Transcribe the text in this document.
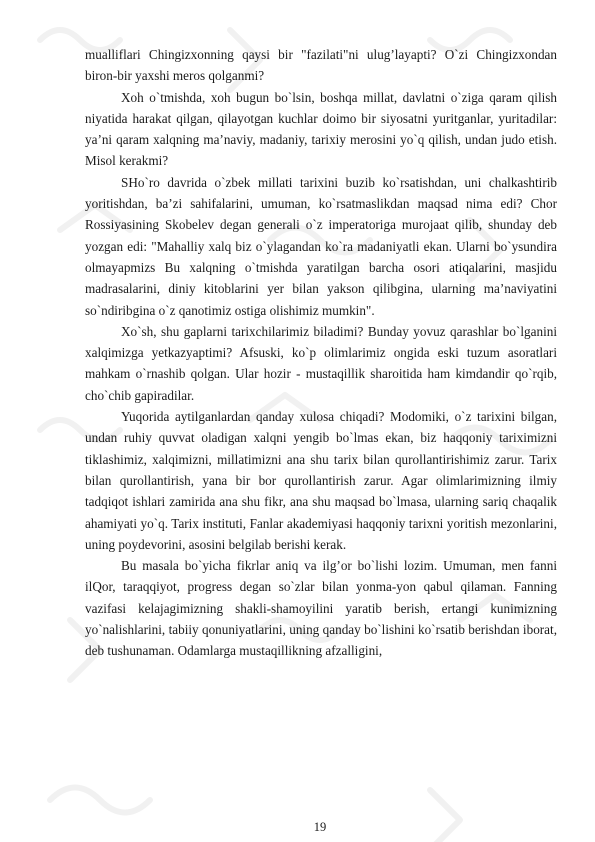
mualliflari Chingizxonning qaysi bir "fazilati"ni ulug’layapti? O`zi Chingizxondan biron-bir yaxshi meros qolganmi?

Xoh o`tmishda, xoh bugun bo`lsin, boshqa millat, davlatni o`ziga qaram qilish niyatida harakat qilgan, qilayotgan kuchlar doimo bir siyosatni yuritganlar, yuritadilar: ya’ni qaram xalqning ma’naviy, madaniy, tarixiy merosini yo`q qilish, undan judo etish. Misol kerakmi?

SHo`ro davrida o`zbek millati tarixini buzib ko`rsatishdan, uni chalkashtirib yoritishdan, ba’zi sahifalarini, umuman, ko`rsatmaslikdan maqsad nima edi? Chor Rossiyasining Skobelev degan generali o`z imperatoriga murojaat qilib, shunday deb yozgan edi: "Mahalliy xalq biz o`ylagandan ko`ra madaniyatli ekan. Ularni bo`ysundira olmayapmizs Bu xalqning o`tmishda yaratilgan barcha osori atiqalarini, masjidu madrasalarini, diniy kitoblarini yer bilan yakson qilibgina, ularning ma’naviyatini so`ndiribgina o`z qanotimiz ostiga olishimiz mumkin".

Xo`sh, shu gaplarni tarixchilarimiz biladimi? Bunday yovuz qarashlar bo`lganini xalqimizga yetkazyaptimi? Afsuski, ko`p olimlarimiz ongida eski tuzum asoratlari mahkam o`rnashib qolgan. Ular hozir - mustaqillik sharoitida ham kimdandir qo`rqib, cho`chib gapiradilar.

Yuqorida aytilganlardan qanday xulosa chiqadi? Modomiki, o`z tarixini bilgan, undan ruhiy quvvat oladigan xalqni yengib bo`lmas ekan, biz haqqoniy tariximizni tiklashimiz, xalqimizni, millatimizni ana shu tarix bilan qurollantirishimiz zarur. Tarix bilan qurollantirish, yana bir bor qurollantirish zarur. Agar olimlarimizning ilmiy tadqiqot ishlari zamirida ana shu fikr, ana shu maqsad bo`lmasa, ularning sariq chaqalik ahamiyati yo`q. Tarix instituti, Fanlar akademiyasi haqqoniy tarixni yoritish mezonlarini, uning poydevorini, asosini belgilab berishi kerak.

Bu masala bo`yicha fikrlar aniq va ilg’or bo`lishi lozim. Umuman, men fanni ilQor, taraqqiyot, progress degan so`zlar bilan yonma-yon qabul qilaman. Fanning vazifasi kelajagimizning shakli-shamoyilini yaratib berish, ertangi kunimizning yo`nalishlarini, tabiiy qonuniyatlarini, uning qanday bo`lishini ko`rsatib berishdan iborat, deb tushunaman. Odamlarga mustaqillikning afzalligini,

19
